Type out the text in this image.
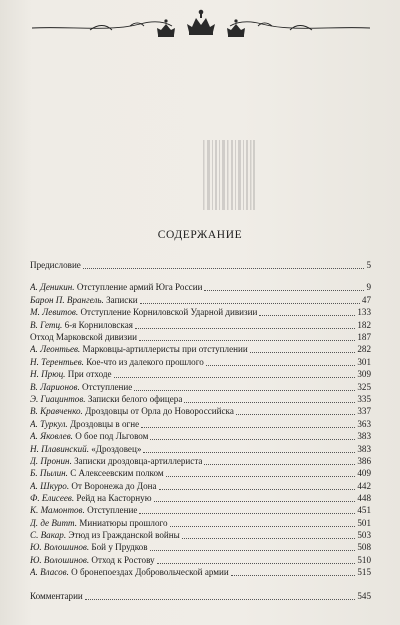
СОДЕРЖАНИЕ
Предисловие	5
А. Деникин. Отступление армий Юга России	9
Барон П. Врангель. Записки	47
М. Левитов. Отступление Корниловской Ударной дивизии	133
В. Гетц. 6-я Корниловская	182
Отход Марковской дивизии	187
А. Леонтьев. Марковцы-артиллеристы при отступлении	282
Н. Терентьев. Кое-что из далекого прошлого	301
Н. Прюц. При отходе	309
В. Ларионов. Отступление	325
Э. Гиацинтов. Записки белого офицера	335
В. Кравченко. Дроздовцы от Орла до Новороссийска	337
А. Туркул. Дроздовцы в огне	363
А. Яковлев. О бое под Льговом	383
Н. Плавинский. «Дроздовец»	383
Д. Пронин. Записки дроздовца-артиллериста	386
Б. Пылин. С Алексеевским полком	409
А. Шкуро. От Воронежа до Дона	442
Ф. Елисеев. Рейд на Касторную	448
К. Мамонтов. Отступление	451
Д. де Витт. Миниатюры прошлого	501
С. Вакар. Этюд из Гражданской войны	503
Ю. Волошинов. Бой у Прудков	508
Ю. Волошинов. Отход к Ростову	510
А. Власов. О бронепоездах Добровольческой армии	515
Комментарии	545
